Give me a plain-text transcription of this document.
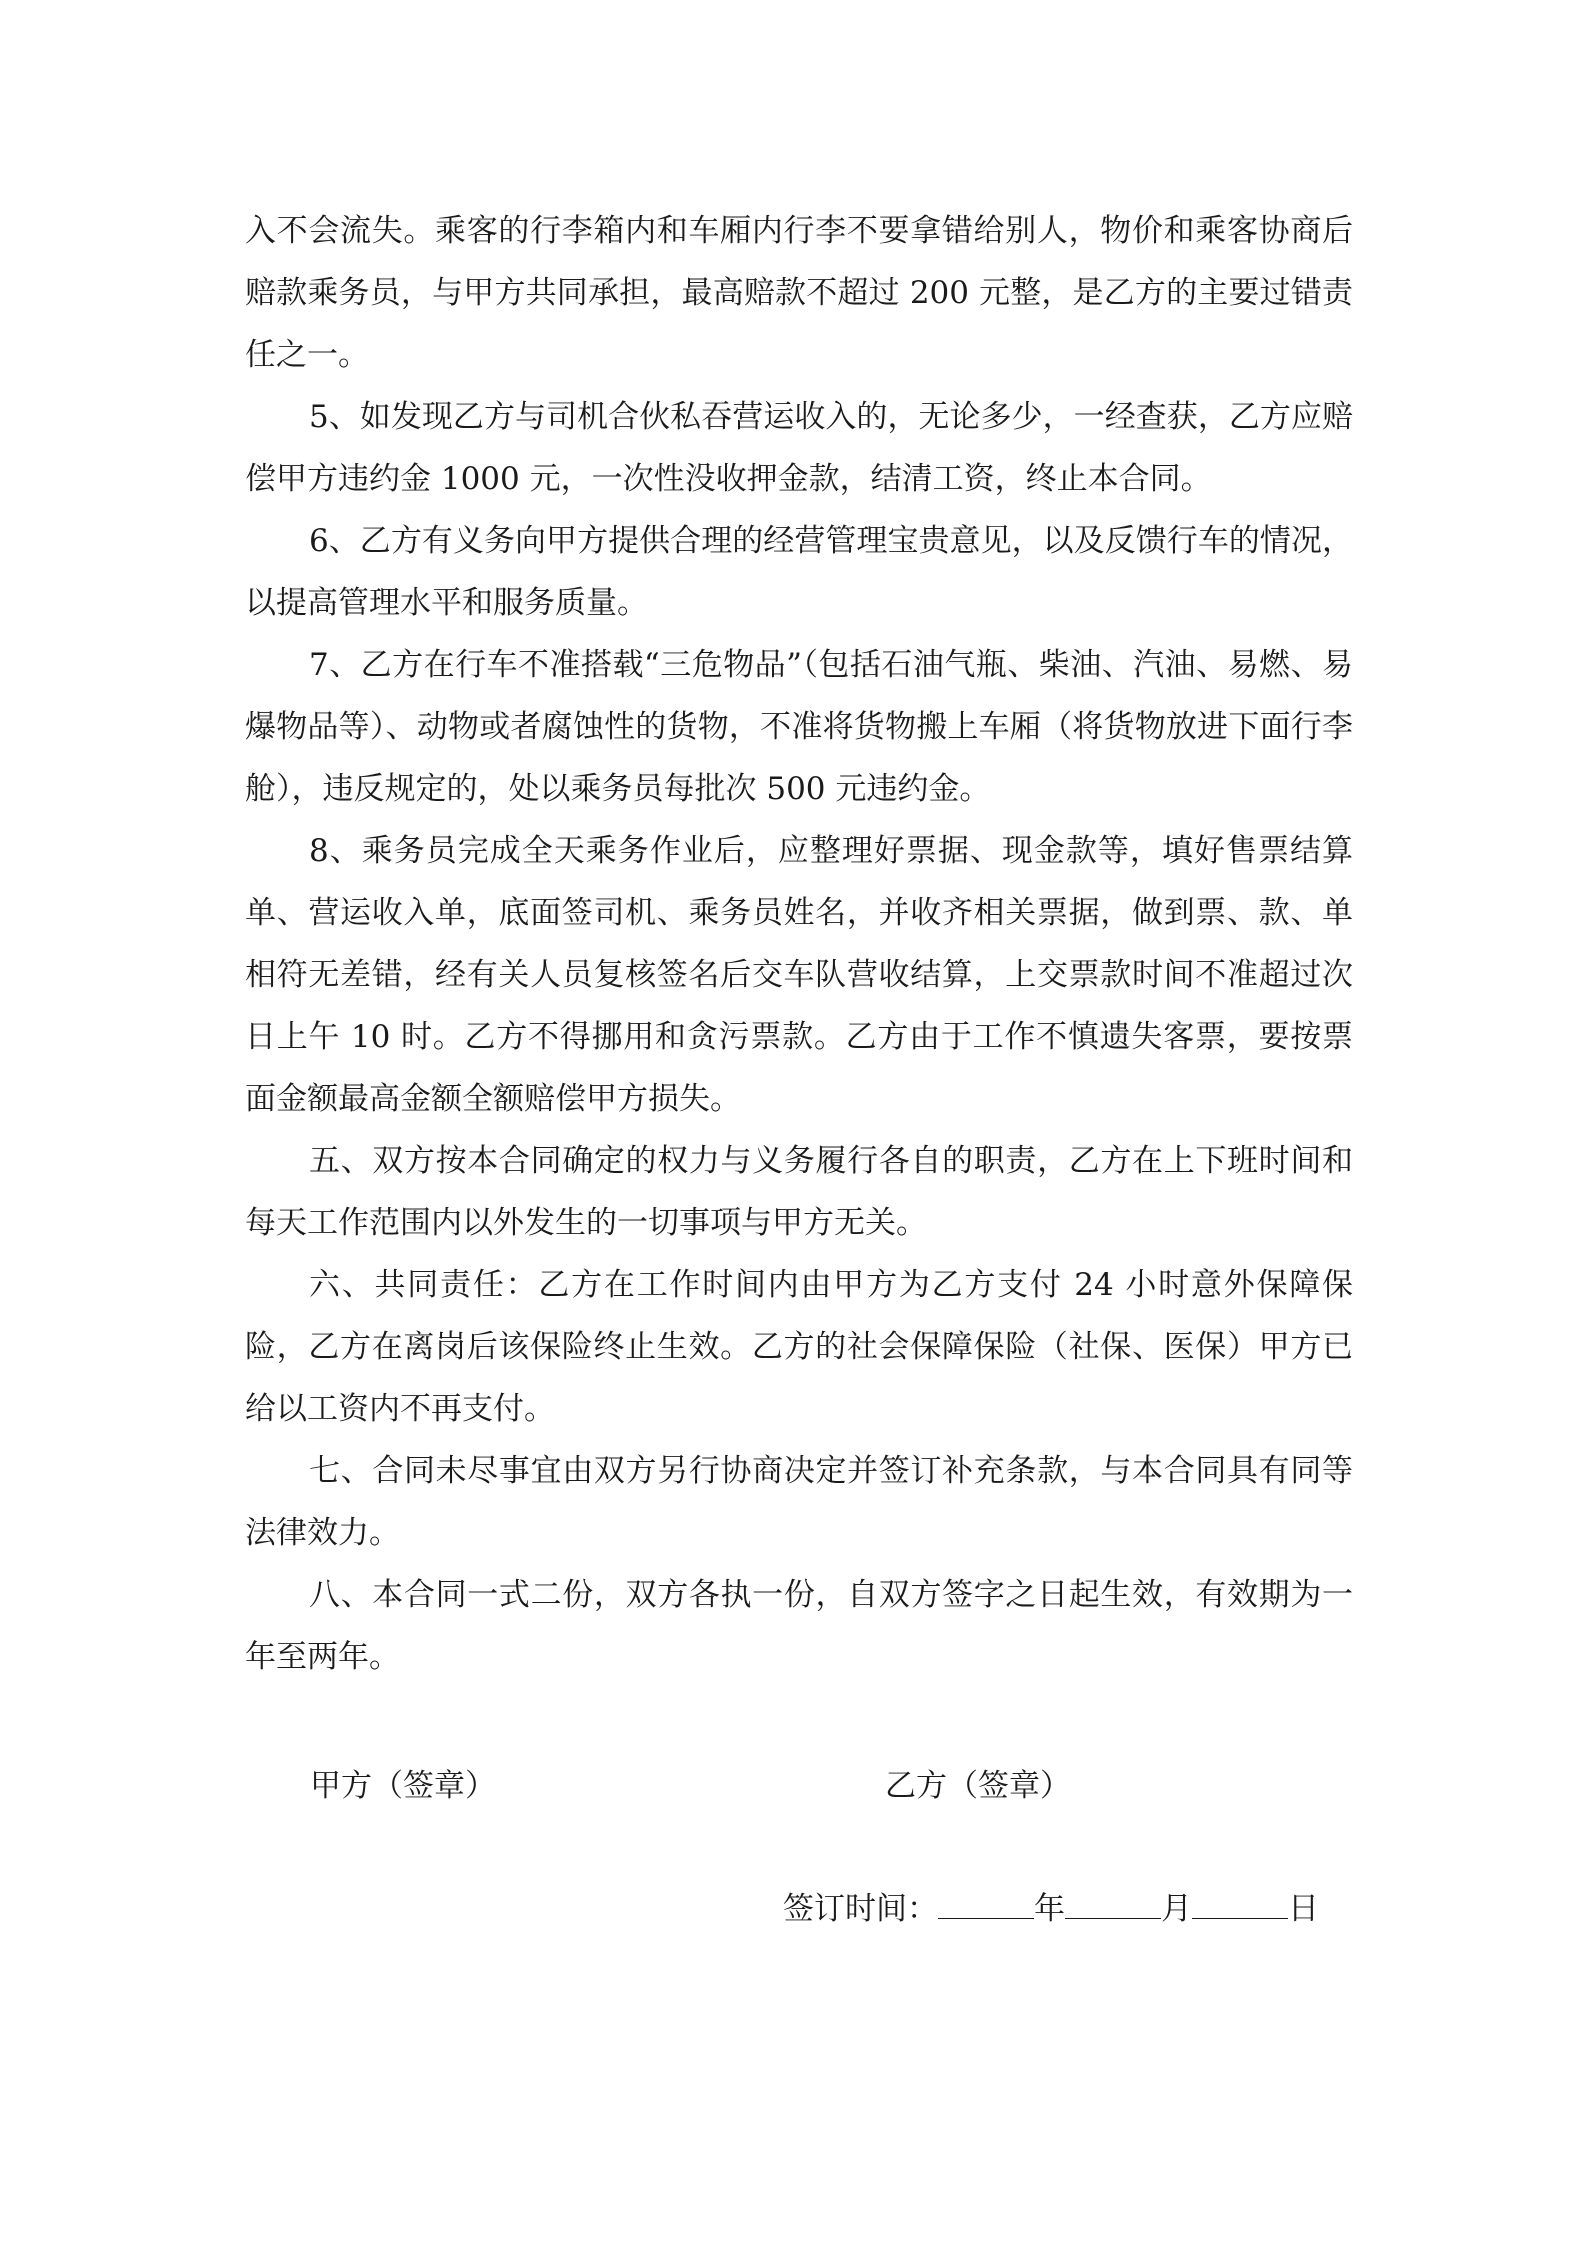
入不会流失。乘客的行李箱内和车厢内行李不要拿错给别人，物价和乘客协商后赔款乘务员，与甲方共同承担，最高赔款不超过 200 元整，是乙方的主要过错责任之一。

5、如发现乙方与司机合伙私吞营运收入的，无论多少，一经查获，乙方应赔偿甲方违约金 1000 元，一次性没收押金款，结清工资，终止本合同。

6、乙方有义务向甲方提供合理的经营管理宝贵意见，以及反馈行车的情况，以提高管理水平和服务质量。

7、乙方在行车不准搭载“三危物品”（包括石油气瓶、柴油、汽油、易燃、易爆物品等）、动物或者腐蚀性的货物，不准将货物搬上车厢（将货物放进下面行李舱），违反规定的，处以乘务员每批次 500 元违约金。

8、乘务员完成全天乘务作业后，应整理好票据、现金款等，填好售票结算单、营运收入单，底面签司机、乘务员姓名，并收齐相关票据，做到票、款、单相符无差错，经有关人员复核签名后交车队营收结算，上交票款时间不准超过次日上午 10 时。乙方不得挪用和贪污票款。乙方由于工作不慎遗失客票，要按票面金额最高金额全额赔偿甲方损失。

五、双方按本合同确定的权力与义务履行各自的职责，乙方在上下班时间和每天工作范围内以外发生的一切事项与甲方无关。

六、共同责任：乙方在工作时间内由甲方为乙方支付 24 小时意外保障保险，乙方在离岗后该保险终止生效。乙方的社会保障保险（社保、医保）甲方已给以工资内不再支付。

七、合同未尽事宜由双方另行协商决定并签订补充条款，与本合同具有同等法律效力。

八、本合同一式二份，双方各执一份，自双方签字之日起生效，有效期为一年至两年。

甲方（签章）	乙方（签章）
签订时间：	年	月	日
